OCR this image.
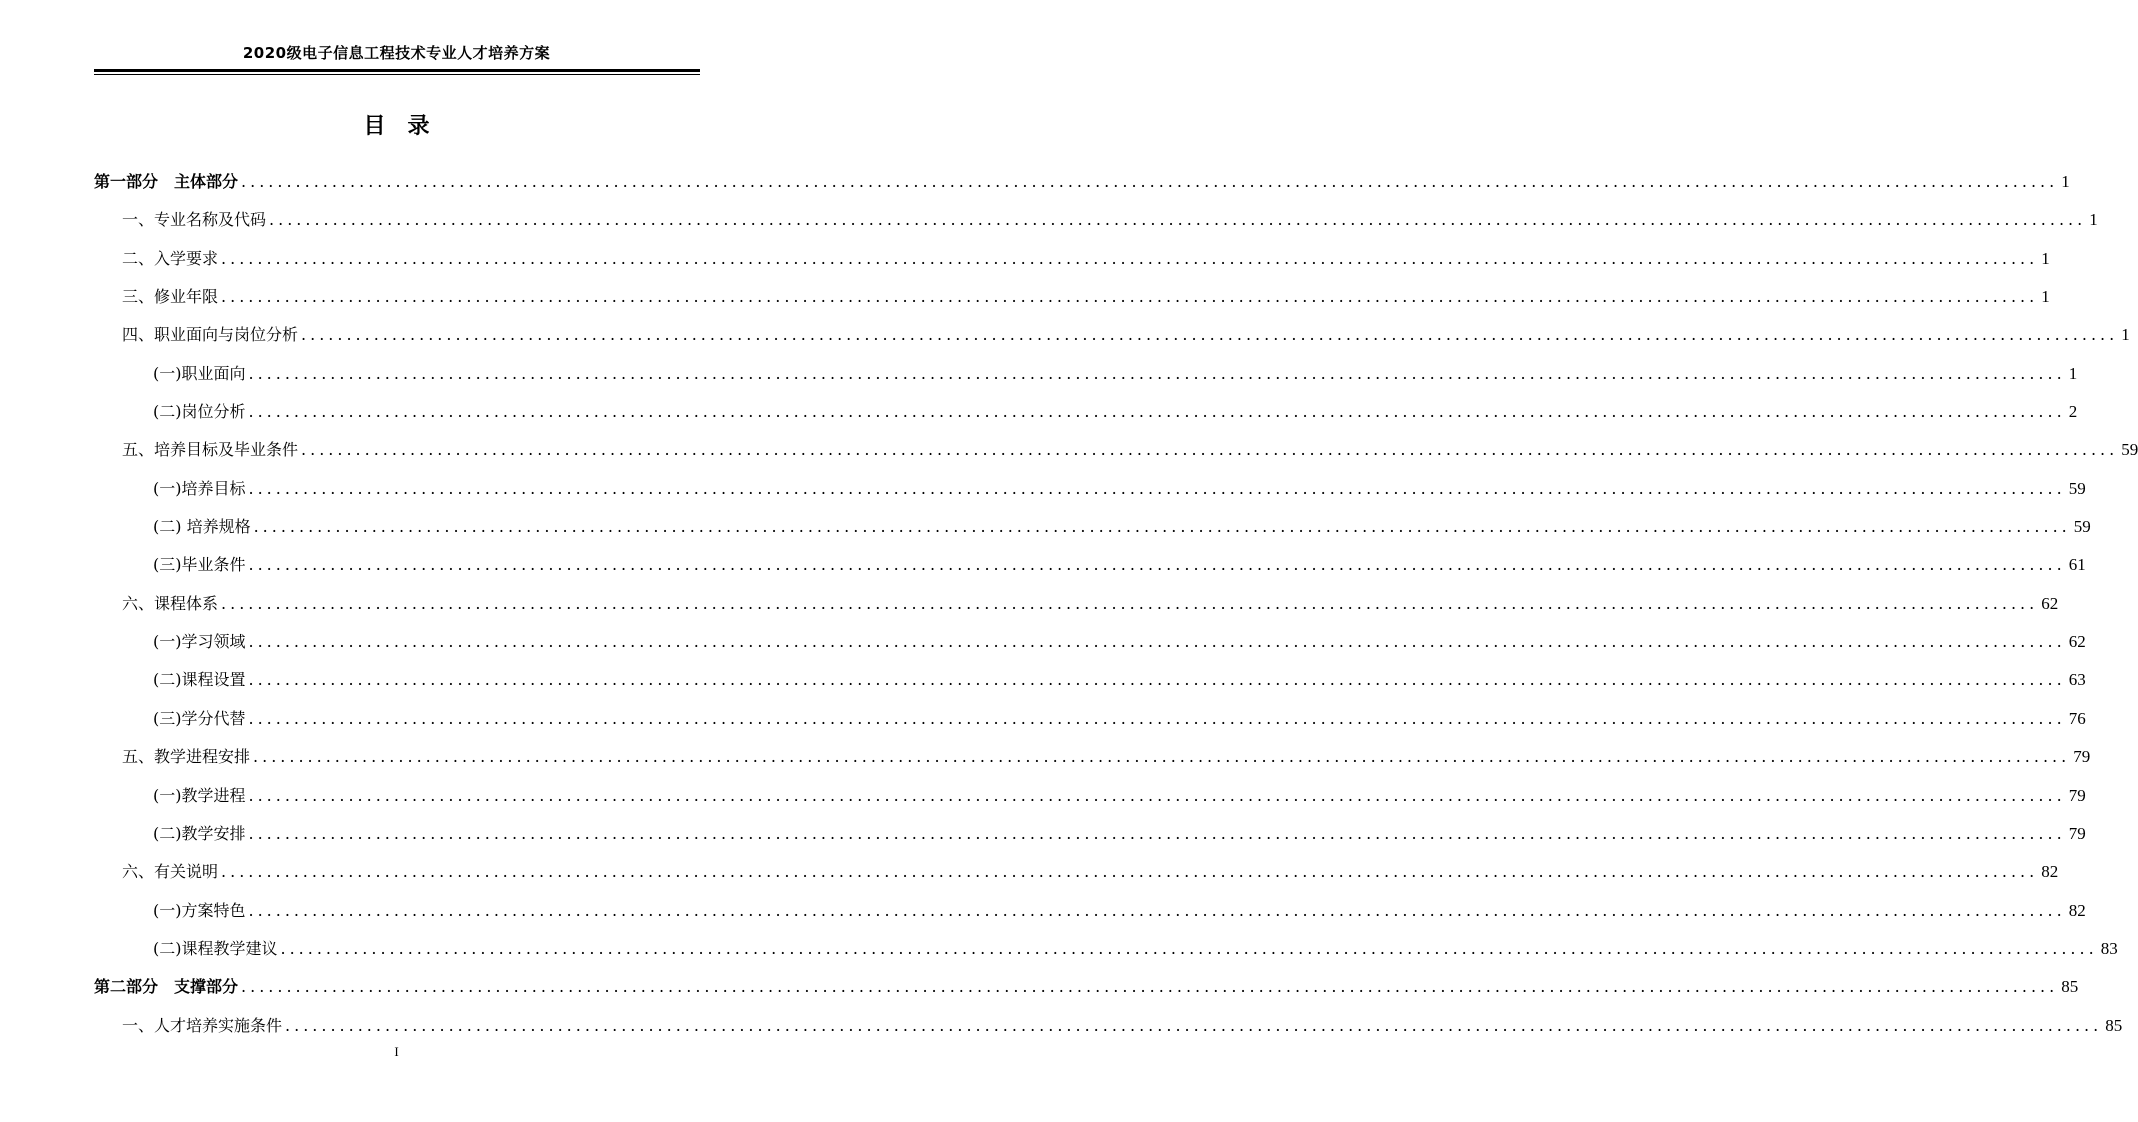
2020级电子信息工程技术专业人才培养方案
目录
第一部分　主体部分 ........................................................................................................................................................................................................ 1
一、专业名称及代码 ........................................................................................................................................................................................................ 1
二、入学要求 ........................................................................................................................................................................................................ 1
三、修业年限 ........................................................................................................................................................................................................ 1
四、职业面向与岗位分析 ........................................................................................................................................................................................................ 1
(一)职业面向 ........................................................................................................................................................................................................ 1
(二)岗位分析 ........................................................................................................................................................................................................ 2
五、培养目标及毕业条件 ........................................................................................................................................................................................................ 59
(一)培养目标 ........................................................................................................................................................................................................ 59
(二) 培养规格 ........................................................................................................................................................................................................ 59
(三)毕业条件 ........................................................................................................................................................................................................ 61
六、课程体系 ........................................................................................................................................................................................................ 62
(一)学习领域 ........................................................................................................................................................................................................ 62
(二)课程设置 ........................................................................................................................................................................................................ 63
(三)学分代替 ........................................................................................................................................................................................................ 76
五、教学进程安排 ........................................................................................................................................................................................................ 79
(一)教学进程 ........................................................................................................................................................................................................ 79
(二)教学安排 ........................................................................................................................................................................................................ 79
六、有关说明 ........................................................................................................................................................................................................ 82
(一)方案特色 ........................................................................................................................................................................................................ 82
(二)课程教学建议 ........................................................................................................................................................................................................ 83
第二部分　支撑部分 ........................................................................................................................................................................................................ 85
一、人才培养实施条件 ........................................................................................................................................................................................................ 85
I
